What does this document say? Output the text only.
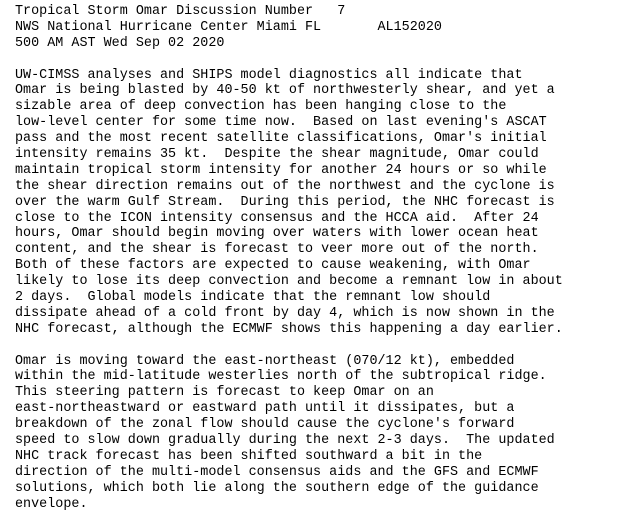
Tropical Storm Omar Discussion Number   7
NWS National Hurricane Center Miami FL       AL152020
500 AM AST Wed Sep 02 2020
UW-CIMSS analyses and SHIPS model diagnostics all indicate that
Omar is being blasted by 40-50 kt of northwesterly shear, and yet a
sizable area of deep convection has been hanging close to the
low-level center for some time now.  Based on last evening's ASCAT
pass and the most recent satellite classifications, Omar's initial
intensity remains 35 kt.  Despite the shear magnitude, Omar could
maintain tropical storm intensity for another 24 hours or so while
the shear direction remains out of the northwest and the cyclone is
over the warm Gulf Stream.  During this period, the NHC forecast is
close to the ICON intensity consensus and the HCCA aid.  After 24
hours, Omar should begin moving over waters with lower ocean heat
content, and the shear is forecast to veer more out of the north.
Both of these factors are expected to cause weakening, with Omar
likely to lose its deep convection and become a remnant low in about
2 days.  Global models indicate that the remnant low should
dissipate ahead of a cold front by day 4, which is now shown in the
NHC forecast, although the ECMWF shows this happening a day earlier.
Omar is moving toward the east-northeast (070/12 kt), embedded
within the mid-latitude westerlies north of the subtropical ridge.
This steering pattern is forecast to keep Omar on an
east-northeastward or eastward path until it dissipates, but a
breakdown of the zonal flow should cause the cyclone's forward
speed to slow down gradually during the next 2-3 days.  The updated
NHC track forecast has been shifted southward a bit in the
direction of the multi-model consensus aids and the GFS and ECMWF
solutions, which both lie along the southern edge of the guidance
envelope.
